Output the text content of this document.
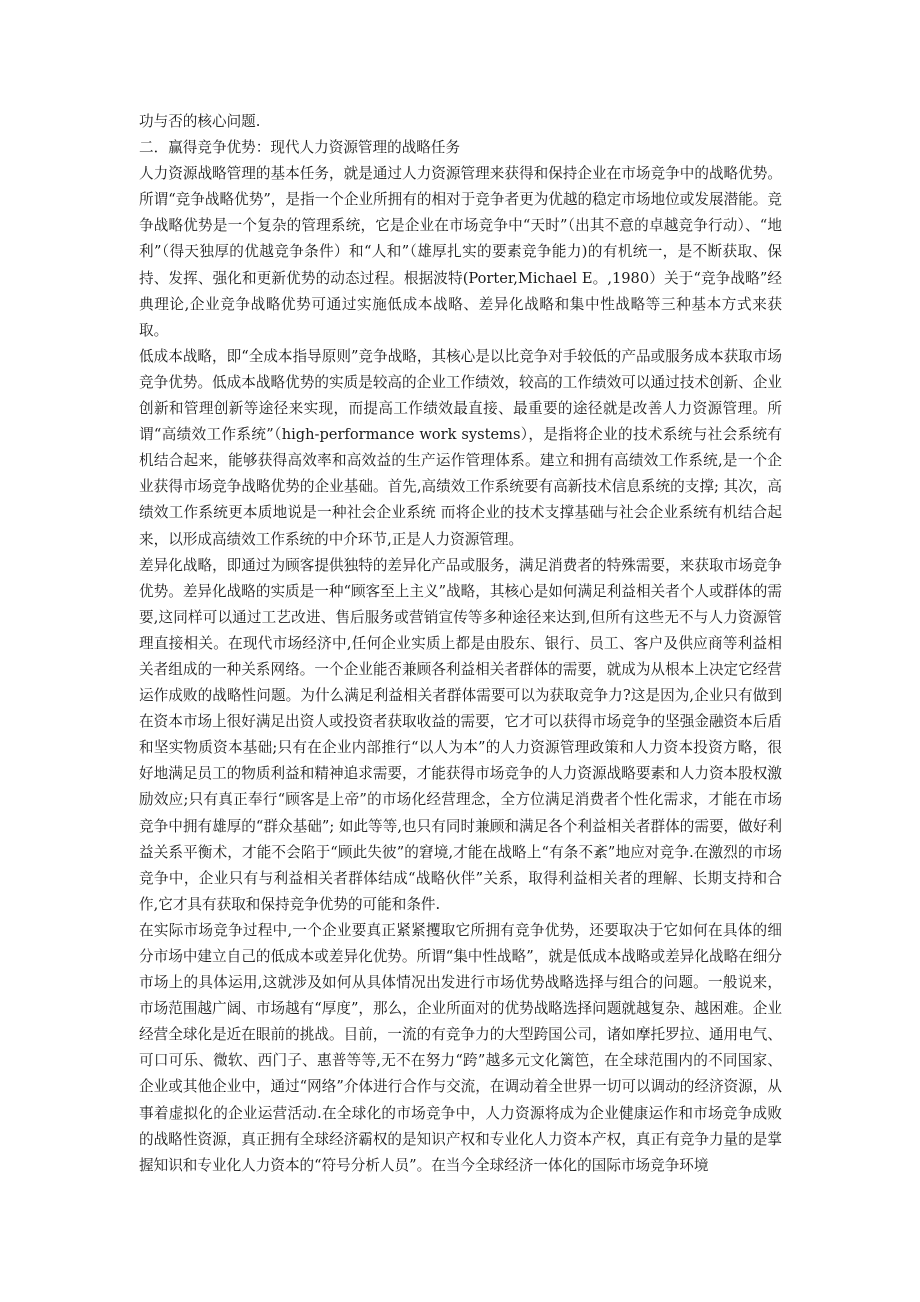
功与否的核心问题.

二．赢得竞争优势：现代人力资源管理的战略任务

人力资源战略管理的基本任务，就是通过人力资源管理来获得和保持企业在市场竞争中的战略优势。所谓“竞争战略优势”，是指一个企业所拥有的相对于竞争者更为优越的稳定市场地位或发展潜能。竞争战略优势是一个复杂的管理系统，它是企业在市场竞争中“天时”（出其不意的卓越竞争行动）、“地利”（得天独厚的优越竞争条件）和“人和”（雄厚扎实的要素竞争能力)的有机统一，是不断获取、保持、发挥、强化和更新优势的动态过程。根据波特(Porter,Michael E。,1980）关于“竞争战略”经典理论,企业竞争战略优势可通过实施低成本战略、差异化战略和集中性战略等三种基本方式来获取。

低成本战略，即“全成本指导原则”竞争战略，其核心是以比竞争对手较低的产品或服务成本获取市场竞争优势。低成本战略优势的实质是较高的企业工作绩效，较高的工作绩效可以通过技术创新、企业创新和管理创新等途径来实现，而提高工作绩效最直接、最重要的途径就是改善人力资源管理。所谓“高绩效工作系统”（high-performance work systems），是指将企业的技术系统与社会系统有机结合起来，能够获得高效率和高效益的生产运作管理体系。建立和拥有高绩效工作系统,是一个企业获得市场竞争战略优势的企业基础。首先,高绩效工作系统要有高新技术信息系统的支撑; 其次，高绩效工作系统更本质地说是一种社会企业系统 而将企业的技术支撑基础与社会企业系统有机结合起来，以形成高绩效工作系统的中介环节,正是人力资源管理。

差异化战略，即通过为顾客提供独特的差异化产品或服务，满足消费者的特殊需要，来获取市场竞争优势。差异化战略的实质是一种“顾客至上主义”战略，其核心是如何满足利益相关者个人或群体的需要,这同样可以通过工艺改进、售后服务或营销宣传等多种途径来达到,但所有这些无不与人力资源管理直接相关。在现代市场经济中,任何企业实质上都是由股东、银行、员工、客户及供应商等利益相关者组成的一种关系网络。一个企业能否兼顾各利益相关者群体的需要，就成为从根本上决定它经营运作成败的战略性问题。为什么满足利益相关者群体需要可以为获取竞争力?这是因为,企业只有做到在资本市场上很好满足出资人或投资者获取收益的需要，它才可以获得市场竞争的坚强金融资本后盾和坚实物质资本基础;只有在企业内部推行“以人为本”的人力资源管理政策和人力资本投资方略，很好地满足员工的物质利益和精神追求需要，才能获得市场竞争的人力资源战略要素和人力资本股权激励效应;只有真正奉行“顾客是上帝”的市场化经营理念，全方位满足消费者个性化需求，才能在市场竞争中拥有雄厚的“群众基础”; 如此等等,也只有同时兼顾和满足各个利益相关者群体的需要，做好利益关系平衡术，才能不会陷于“顾此失彼”的窘境,才能在战略上“有条不紊”地应对竞争.在激烈的市场竞争中，企业只有与利益相关者群体结成“战略伙伴”关系，取得利益相关者的理解、长期支持和合作,它才具有获取和保持竞争优势的可能和条件.

在实际市场竞争过程中,一个企业要真正紧紧攫取它所拥有竞争优势，还要取决于它如何在具体的细分市场中建立自己的低成本或差异化优势。所谓“集中性战略”，就是低成本战略或差异化战略在细分市场上的具体运用,这就涉及如何从具体情况出发进行市场优势战略选择与组合的问题。一般说来，市场范围越广阔、市场越有“厚度”，那么，企业所面对的优势战略选择问题就越复杂、越困难。企业经营全球化是近在眼前的挑战。目前，一流的有竞争力的大型跨国公司，诸如摩托罗拉、通用电气、可口可乐、微软、西门子、惠普等等,无不在努力“跨”越多元文化篱笆，在全球范围内的不同国家、企业或其他企业中，通过“网络”介体进行合作与交流，在调动着全世界一切可以调动的经济资源，从事着虚拟化的企业运营活动.在全球化的市场竞争中，人力资源将成为企业健康运作和市场竞争成败的战略性资源，真正拥有全球经济霸权的是知识产权和专业化人力资本产权，真正有竞争力量的是掌握知识和专业化人力资本的“符号分析人员”。在当今全球经济一体化的国际市场竞争环境
